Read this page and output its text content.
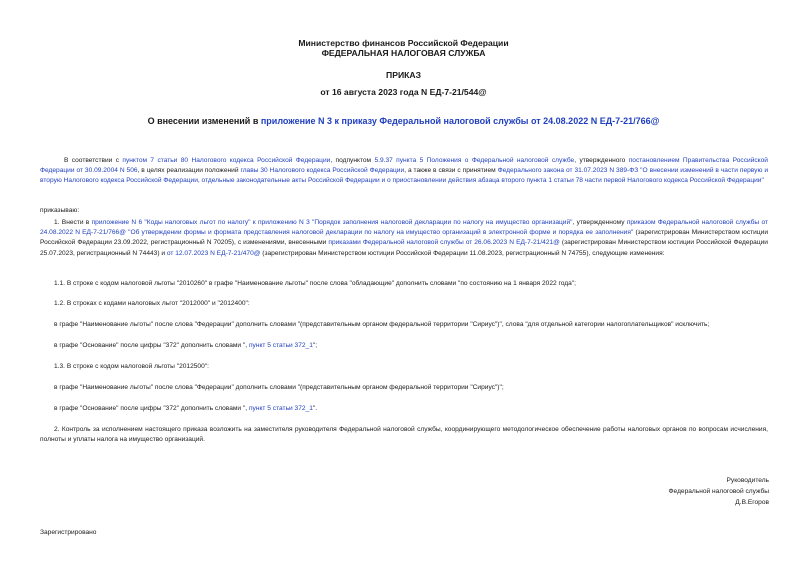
Министерство финансов Российской Федерации
ФЕДЕРАЛЬНАЯ НАЛОГОВАЯ СЛУЖБА
ПРИКАЗ
от 16 августа 2023 года N ЕД-7-21/544@
О внесении изменений в приложение N 3 к приказу Федеральной налоговой службы от 24.08.2022 N ЕД-7-21/766@
В соответствии с пунктом 7 статьи 80 Налогового кодекса Российской Федерации, подпунктом 5.9.37 пункта 5 Положения о Федеральной налоговой службе, утвержденного постановлением Правительства Российской Федерации от 30.09.2004 N 506, в целях реализации положений главы 30 Налогового кодекса Российской Федерации, а также в связи с принятием Федерального закона от 31.07.2023 N 389-ФЗ "О внесении изменений в части первую и вторую Налогового кодекса Российской Федерации, отдельные законодательные акты Российской Федерации и о приостановлении действия абзаца второго пункта 1 статьи 78 части первой Налогового кодекса Российской Федерации"
приказываю:
1. Внести в приложение N 6 "Коды налоговых льгот по налогу" к приложению N 3 "Порядок заполнения налоговой декларации по налогу на имущество организаций", утвержденному приказом Федеральной налоговой службы от 24.08.2022 N ЕД-7-21/766@ "Об утверждении формы и формата представления налоговой декларации по налогу на имущество организаций в электронной форме и порядка ее заполнения" (зарегистрирован Министерством юстиции Российской Федерации 23.09.2022, регистрационный N 70205), с изменениями, внесенными приказами Федеральной налоговой службы от 26.06.2023 N ЕД-7-21/421@ (зарегистрирован Министерством юстиции Российской Федерации 25.07.2023, регистрационный N 74443) и от 12.07.2023 N ЕД-7-21/470@ (зарегистрирован Министерством юстиции Российской Федерации 11.08.2023, регистрационный N 74755), следующие изменения:
1.1. В строке с кодом налоговой льготы "2010260" в графе "Наименование льготы" после слова "обладающие" дополнить словами "по состоянию на 1 января 2022 года";
1.2. В строках с кодами налоговых льгот "2012000" и "2012400":
в графе "Наименование льготы" после слова "Федерации" дополнить словами "(представительным органом федеральной территории "Сириус")", слова "для отдельной категории налогоплательщиков" исключить;
в графе "Основание" после цифры "372" дополнить словами ", пункт 5 статьи 372_1";
1.3. В строке с кодом налоговой льготы "2012500":
в графе "Наименование льготы" после слова "Федерации" дополнить словами "(представительным органом федеральной территории "Сириус")";
в графе "Основание" после цифры "372" дополнить словами ", пункт 5 статьи 372_1".
2. Контроль за исполнением настоящего приказа возложить на заместителя руководителя Федеральной налоговой службы, координирующего методологическое обеспечение работы налоговых органов по вопросам исчисления, полноты и уплаты налога на имущество организаций.
Руководитель
Федеральной налоговой службы
Д.В.Егоров
Зарегистрировано
